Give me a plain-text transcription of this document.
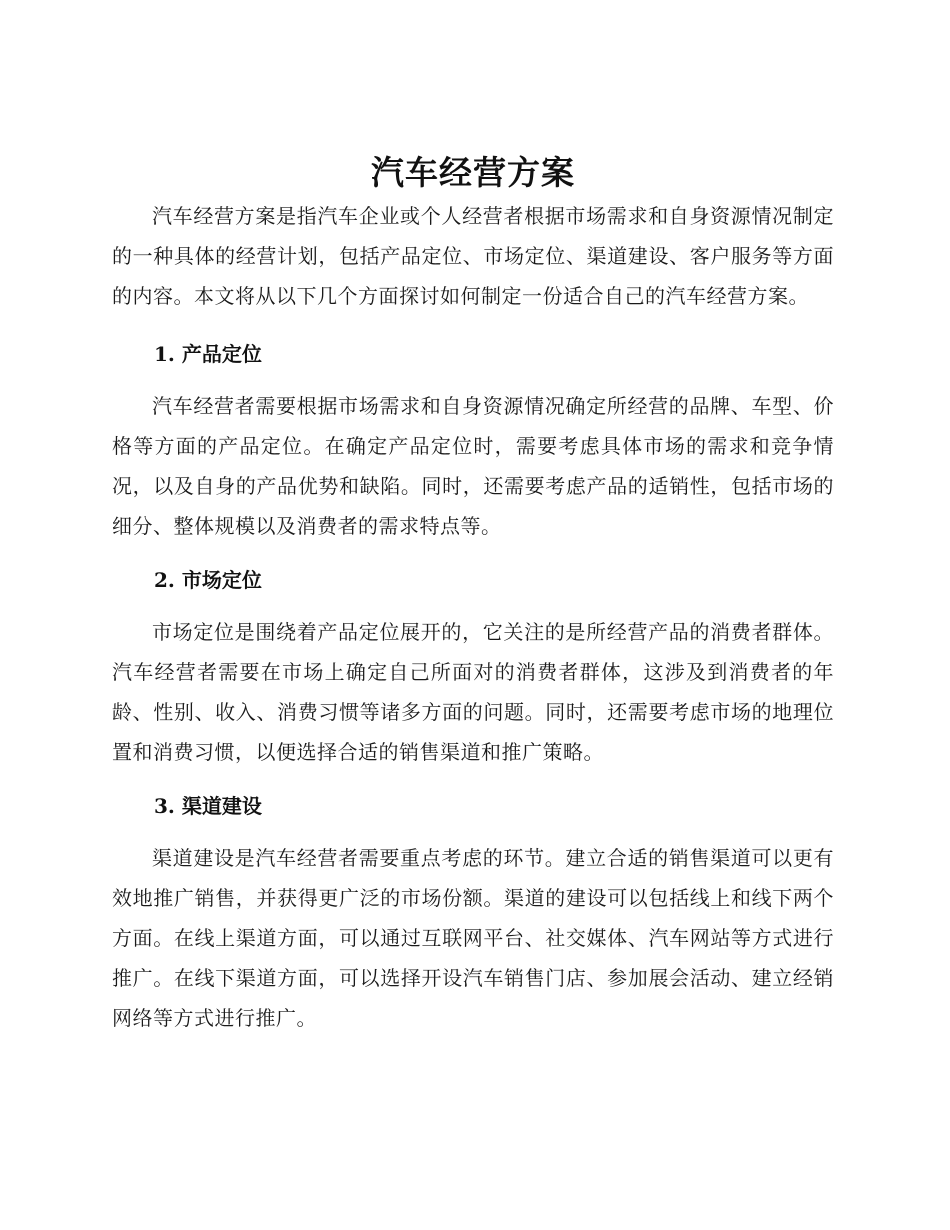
汽车经营方案

汽车经营方案是指汽车企业或个人经营者根据市场需求和自身资源情况制定的一种具体的经营计划，包括产品定位、市场定位、渠道建设、客户服务等方面的内容。本文将从以下几个方面探讨如何制定一份适合自己的汽车经营方案。

1. 产品定位

汽车经营者需要根据市场需求和自身资源情况确定所经营的品牌、车型、价格等方面的产品定位。在确定产品定位时，需要考虑具体市场的需求和竞争情况，以及自身的产品优势和缺陷。同时，还需要考虑产品的适销性，包括市场的细分、整体规模以及消费者的需求特点等。

2. 市场定位

市场定位是围绕着产品定位展开的，它关注的是所经营产品的消费者群体。汽车经营者需要在市场上确定自己所面对的消费者群体，这涉及到消费者的年龄、性别、收入、消费习惯等诸多方面的问题。同时，还需要考虑市场的地理位置和消费习惯，以便选择合适的销售渠道和推广策略。

3. 渠道建设

渠道建设是汽车经营者需要重点考虑的环节。建立合适的销售渠道可以更有效地推广销售，并获得更广泛的市场份额。渠道的建设可以包括线上和线下两个方面。在线上渠道方面，可以通过互联网平台、社交媒体、汽车网站等方式进行推广。在线下渠道方面，可以选择开设汽车销售门店、参加展会活动、建立经销网络等方式进行推广。
